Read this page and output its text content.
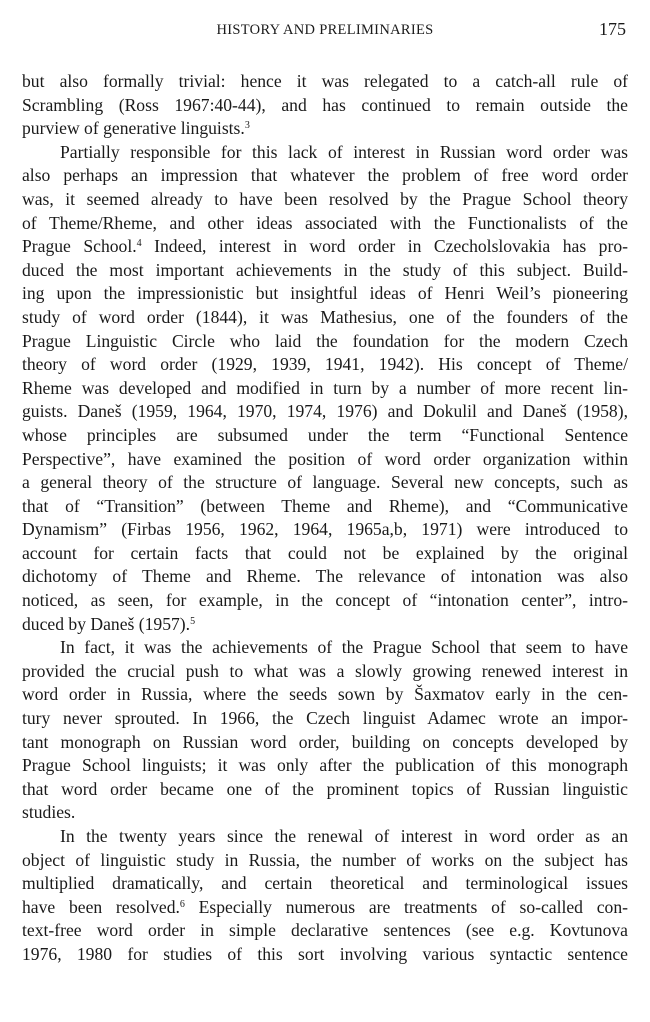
HISTORY AND PRELIMINARIES	175
but also formally trivial: hence it was relegated to a catch-all rule of
Scrambling (Ross 1967:40-44), and has continued to remain outside the
purview of generative linguists.$^3$
Partially responsible for this lack of interest in Russian word order was
also perhaps an impression that whatever the problem of free word order
was, it seemed already to have been resolved by the Prague School theory
of Theme/Rheme, and other ideas associated with the Functionalists of the
Prague School.$^4$ Indeed, interest in word order in Czecholslovakia has pro-
duced the most important achievements in the study of this subject. Build-
ing upon the impressionistic but insightful ideas of Henri Weil’s pioneering
study of word order (1844), it was Mathesius, one of the founders of the
Prague Linguistic Circle who laid the foundation for the modern Czech
theory of word order (1929, 1939, 1941, 1942). His concept of Theme/
Rheme was developed and modified in turn by a number of more recent lin-
guists. Daneš (1959, 1964, 1970, 1974, 1976) and Dokulil and Daneš (1958),
whose principles are subsumed under the term “Functional Sentence
Perspective”, have examined the position of word order organization within
a general theory of the structure of language. Several new concepts, such as
that of “Transition” (between Theme and Rheme), and “Communicative
Dynamism” (Firbas 1956, 1962, 1964, 1965a,b, 1971) were introduced to
account for certain facts that could not be explained by the original
dichotomy of Theme and Rheme. The relevance of intonation was also
noticed, as seen, for example, in the concept of “intonation center”, intro-
duced by Daneš (1957).$^5$
In fact, it was the achievements of the Prague School that seem to have
provided the crucial push to what was a slowly growing renewed interest in
word order in Russia, where the seeds sown by Šaxmatov early in the cen-
tury never sprouted. In 1966, the Czech linguist Adamec wrote an impor-
tant monograph on Russian word order, building on concepts developed by
Prague School linguists; it was only after the publication of this monograph
that word order became one of the prominent topics of Russian linguistic
studies.
In the twenty years since the renewal of interest in word order as an
object of linguistic study in Russia, the number of works on the subject has
multiplied dramatically, and certain theoretical and terminological issues
have been resolved.$^6$ Especially numerous are treatments of so-called con-
text-free word order in simple declarative sentences (see e.g. Kovtunova
1976, 1980 for studies of this sort involving various syntactic sentence
